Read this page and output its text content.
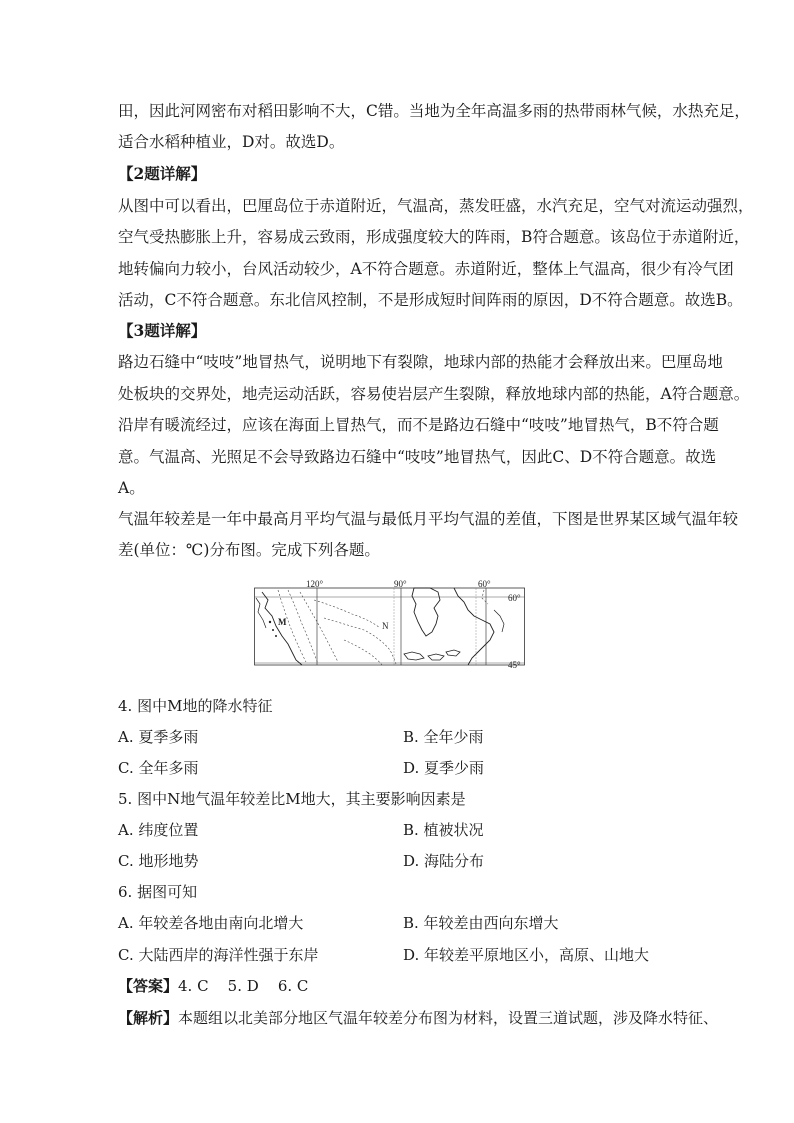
田，因此河网密布对稻田影响不大，C错。当地为全年高温多雨的热带雨林气候，水热充足，
适合水稻种植业，D对。故选D。
【2题详解】
从图中可以看出，巴厘岛位于赤道附近，气温高，蒸发旺盛，水汽充足，空气对流运动强烈，
空气受热膨胀上升，容易成云致雨，形成强度较大的阵雨，B符合题意。该岛位于赤道附近，
地转偏向力较小，台风活动较少，A不符合题意。赤道附近，整体上气温高，很少有冷气团
活动，C不符合题意。东北信风控制，不是形成短时间阵雨的原因，D不符合题意。故选B。
【3题详解】
路边石缝中“吱吱”地冒热气，说明地下有裂隙，地球内部的热能才会释放出来。巴厘岛地
处板块的交界处，地壳运动活跃，容易使岩层产生裂隙，释放地球内部的热能，A符合题意。
沿岸有暖流经过，应该在海面上冒热气，而不是路边石缝中“吱吱”地冒热气，B不符合题
意。气温高、光照足不会导致路边石缝中“吱吱”地冒热气，因此C、D不符合题意。故选
A。
气温年较差是一年中最高月平均气温与最低月平均气温的差值，下图是世界某区域气温年较
差(单位：℃)分布图。完成下列各题。
120°	90°	60°
60°
45°
M	N
4. 图中M地的降水特征
A. 夏季多雨	B. 全年少雨
C. 全年多雨	D. 夏季少雨
5. 图中N地气温年较差比M地大，其主要影响因素是
A. 纬度位置	B. 植被状况
C. 地形地势	D. 海陆分布
6. 据图可知
A. 年较差各地由南向北增大	B. 年较差由西向东增大
C. 大陆西岸的海洋性强于东岸	D. 年较差平原地区小，高原、山地大
【答案】4. C    5. D    6. C
【解析】本题组以北美部分地区气温年较差分布图为材料，设置三道试题，涉及降水特征、
